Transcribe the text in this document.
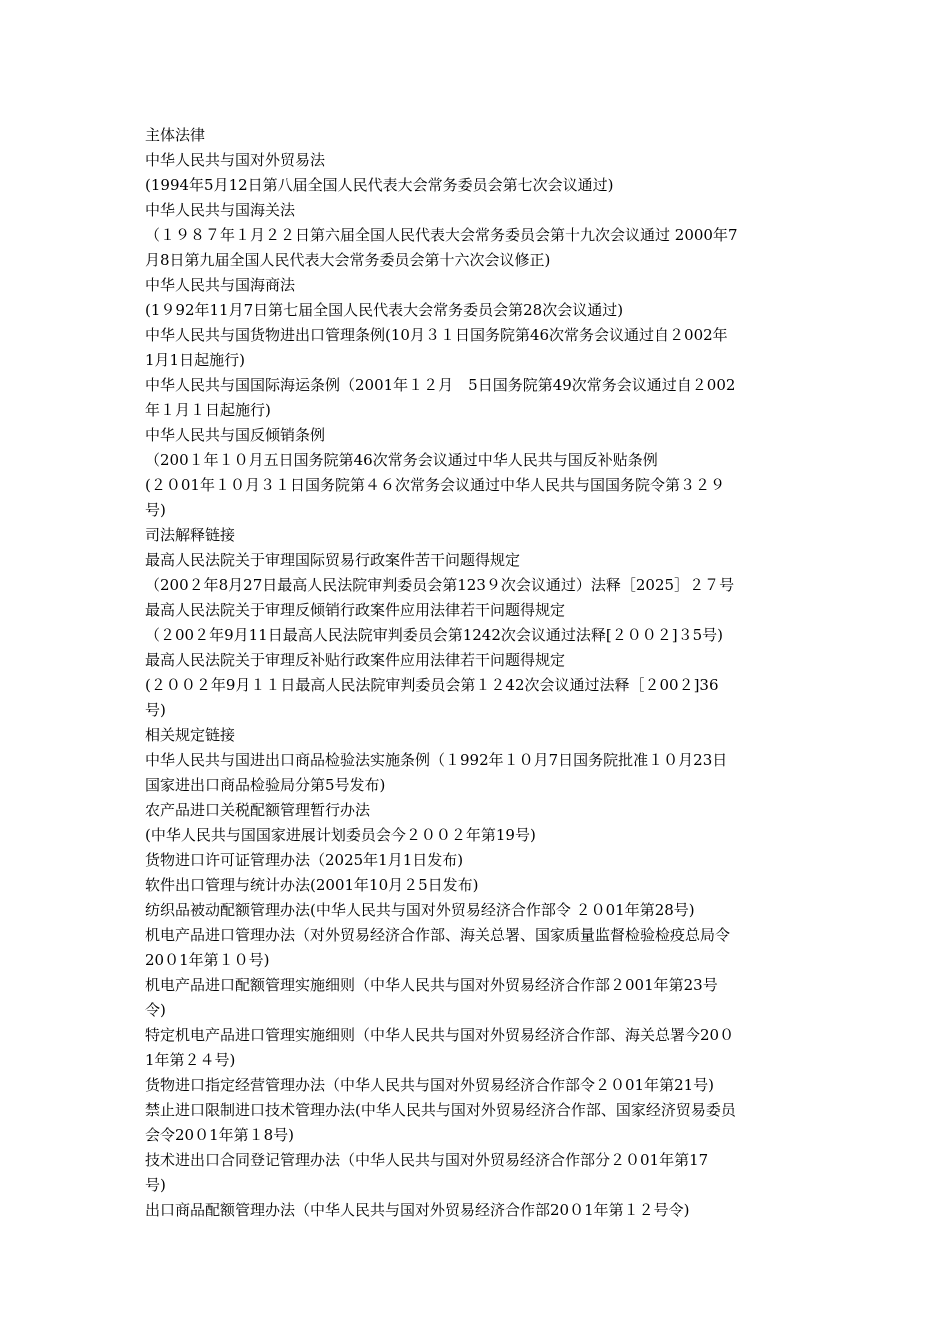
主体法律
中华人民共与国对外贸易法
(1994年5月12日第八届全国人民代表大会常务委员会第七次会议通过)
中华人民共与国海关法
（１９８７年１月２２日第六届全国人民代表大会常务委员会第十九次会议通过 2000年7
月8日第九届全国人民代表大会常务委员会第十六次会议修正)
中华人民共与国海商法
(1９92年11月7日第七届全国人民代表大会常务委员会第28次会议通过)
中华人民共与国货物进出口管理条例(10月３１日国务院第46次常务会议通过自２002年
1月1日起施行)
中华人民共与国国际海运条例（2001年１２月　5日国务院第49次常务会议通过自２002
年１月１日起施行)
中华人民共与国反倾销条例
（200１年１０月五日国务院第46次常务会议通过中华人民共与国反补贴条例
(２０01年１０月３１日国务院第４６次常务会议通过中华人民共与国国务院令第３２９
号)
司法解释链接
最高人民法院关于审理国际贸易行政案件苦干问题得规定
（200２年8月27日最高人民法院审判委员会第123９次会议通过）法释［2025］２７号
最高人民法院关于审理反倾销行政案件应用法律若干问题得规定
（２00２年9月11日最高人民法院审判委员会第1242次会议通过法释[２００２]３5号)
最高人民法院关于审理反补贴行政案件应用法律若干问题得规定
(２００２年9月１１日最高人民法院审判委员会第１２42次会议通过法释［２00２]36
号)
相关规定链接
中华人民共与国进出口商品检验法实施条例（１992年１０月7日国务院批准１０月23日
国家进出口商品检验局分第5号发布)
农产品进口关税配额管理暂行办法
(中华人民共与国国家进展计划委员会今２００２年第19号)
货物进口许可证管理办法（2025年1月1日发布)
软件出口管理与统计办法(2001年10月２5日发布)
纺织品被动配额管理办法(中华人民共与国对外贸易经济合作部令 ２０01年第28号)
机电产品进口管理办法（对外贸易经济合作部、海关总署、国家质量监督检验检疫总局令
20０1年第１０号)
机电产品进口配额管理实施细则（中华人民共与国对外贸易经济合作部２001年第23号
令)
特定机电产品进口管理实施细则（中华人民共与国对外贸易经济合作部、海关总署今20０
1年第２４号)
货物进口指定经营管理办法（中华人民共与国对外贸易经济合作部令２０01年第21号)
禁止进口限制进口技术管理办法(中华人民共与国对外贸易经济合作部、国家经济贸易委员
会令20０1年第１8号)
技术进出口合同登记管理办法（中华人民共与国对外贸易经济合作部分２０01年第17
号)
出口商品配额管理办法（中华人民共与国对外贸易经济合作部20０1年第１２号令)
